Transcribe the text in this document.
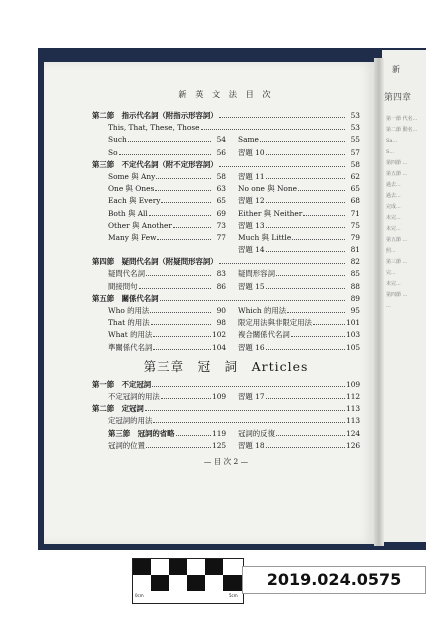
新
第四章
第一節 代名...
第二節 動名...
Sa...
S...
第四節 ...
第五節 ...
過去...
過去...
完成...
未完...
未完...
第五節 ...
照...
第三節 ...
完...
未完...
第四節 ...
...
新 英 文 法 目 次
第二節　指示代名詞（附指示形容詞）	53
This, That, These, Those	53
Such	54 Same	55
So	56 習題 10	57
第三節　不定代名詞（附不定形容詞）	58
Some 與 Any	58 習題 11	62
One 與 Ones	63 No one 與 None	65
Each 與 Every	65 習題 12	68
Both 與 All	69 Either 與 Neither	71
Other 與 Another	73 習題 13	75
Many 與 Few	77 Much 與 Little	79
習題 14	81
第四節　疑問代名詞（附疑問形容詞）	82
疑問代名詞	83 疑問形容詞	85
間接問句	86 習題 15	88
第五節　關係代名詞	89
Who 的用法	90 Which 的用法	95
That 的用法	98 限定用法與非限定用法	101
What 的用法	102 複合關係代名詞	103
準關係代名詞	104 習題 16	105
第三章　冠　詞　Articles
第一節　不定冠詞	109
不定冠詞的用法	109 習題 17	112
第二節　定冠詞	113
定冠詞的用法	113
第三節　冠詞的省略	119 冠詞的反復	124
冠詞的位置	125 習題 18	126
— 目 次 2 —
0cm	5cm
2019.024.0575
